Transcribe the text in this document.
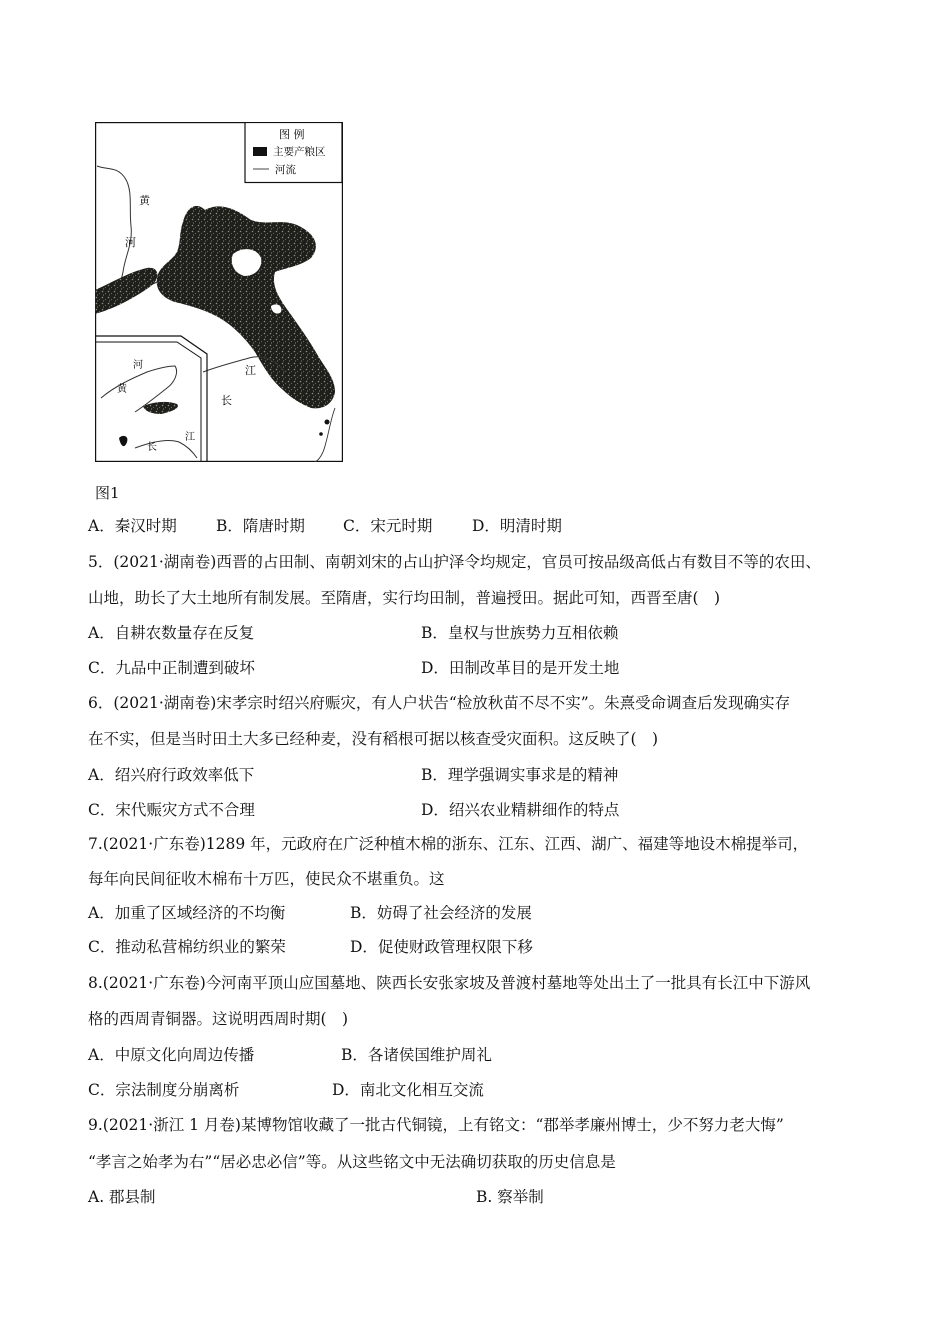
图 例
主要产粮区
河流
黄
河
江
长
河
黄
长
江
图1
A．秦汉时期	B．隋唐时期 C．宋元时期	D．明清时期
5．(2021·湖南卷)西晋的占田制、南朝刘宋的占山护泽令均规定，官员可按品级高低占有数目不等的农田、
山地，助长了大土地所有制发展。至隋唐，实行均田制，普遍授田。据此可知，西晋至唐(　)
A．自耕农数量存在反复	B．皇权与世族势力互相依赖
C．九品中正制遭到破坏	D．田制改革目的是开发土地
6．(2021·湖南卷)宋孝宗时绍兴府赈灾，有人户状告“检放秋苗不尽不实”。朱熹受命调查后发现确实存
在不实，但是当时田土大多已经种麦，没有稻根可据以核查受灾面积。这反映了(　)
A．绍兴府行政效率低下	B．理学强调实事求是的精神
C．宋代赈灾方式不合理	D．绍兴农业精耕细作的特点
7.(2021·广东卷)1289 年，元政府在广泛种植木棉的浙东、江东、江西、湖广、福建等地设木棉提举司，
每年向民间征收木棉布十万匹，使民众不堪重负。这
A．加重了区域经济的不均衡	B．妨碍了社会经济的发展
C．推动私营棉纺织业的繁荣	D．促使财政管理权限下移
8.(2021·广东卷)今河南平顶山应国墓地、陕西长安张家坡及普渡村墓地等处出土了一批具有长江中下游风
格的西周青铜器。这说明西周时期(　)
A．中原文化向周边传播	B．各诸侯国维护周礼
C．宗法制度分崩离析	D．南北文化相互交流
9.(2021·浙江 1 月卷)某博物馆收藏了一批古代铜镜，上有铭文：“郡举孝廉州博士，少不努力老大悔”
“孝言之始孝为右”“居必忠必信”等。从这些铭文中无法确切获取的历史信息是
A. 郡县制	B. 察举制
